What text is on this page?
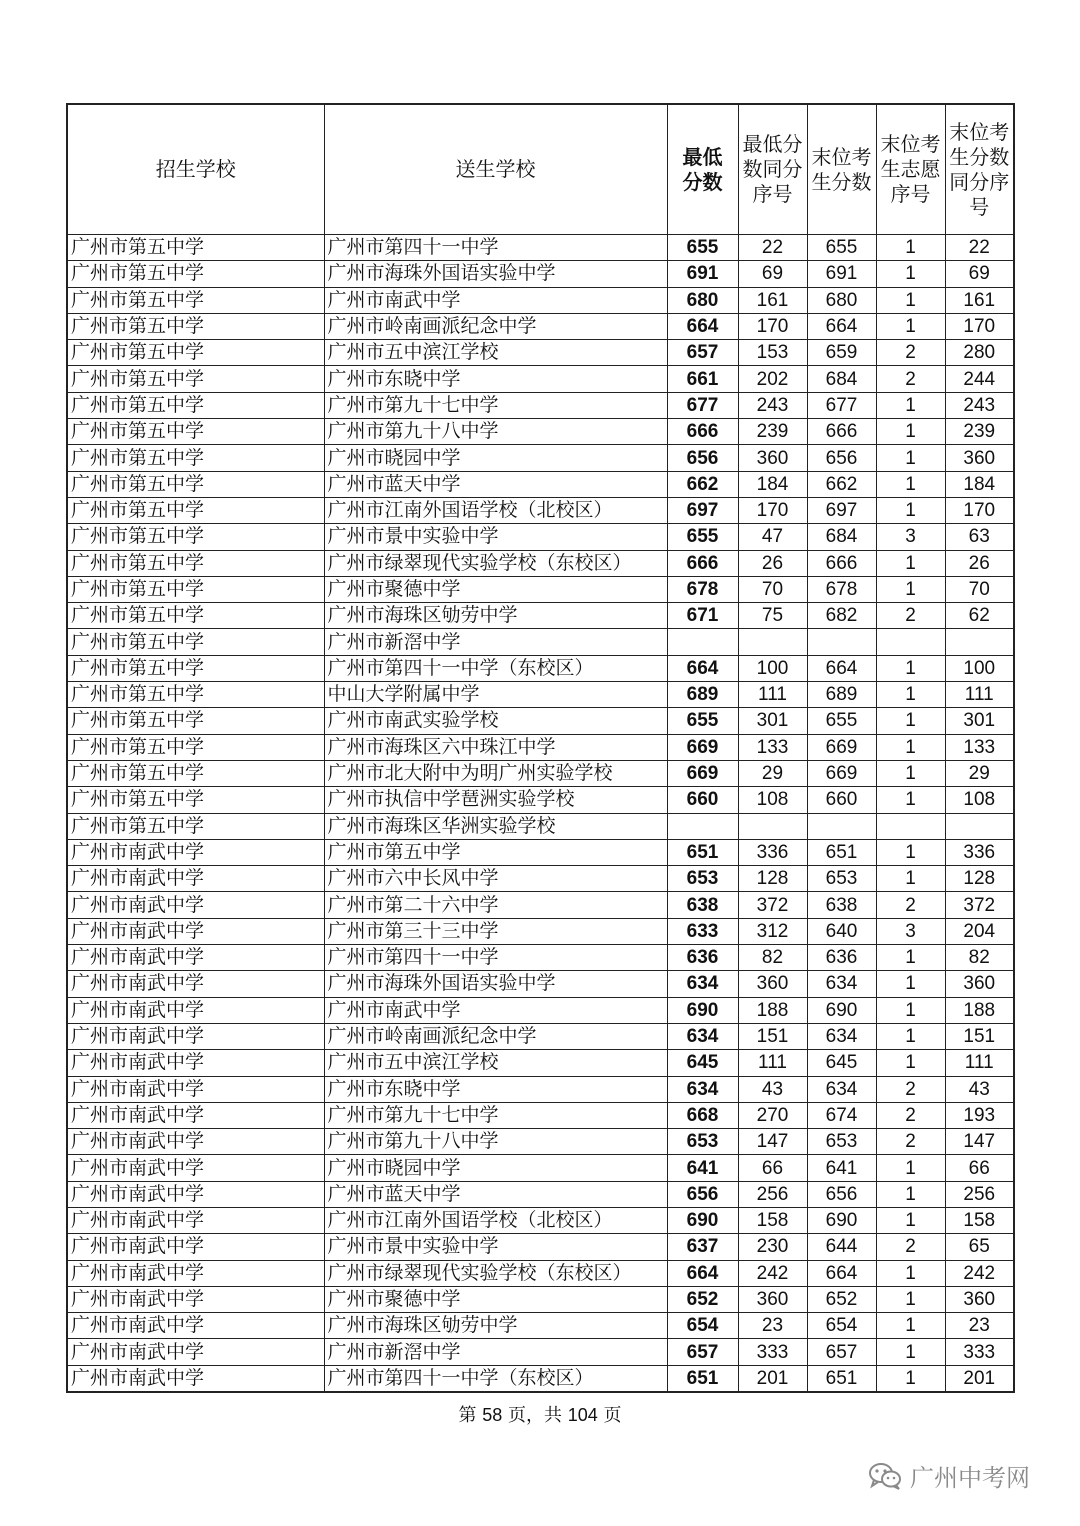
招生学校	送生学校	最低分数	最低分数同分序号	末位考生分数	末位考生志愿序号	末位考生分数同分序号

广州市第五中学	广州市第四十一中学	655	22	655	1	22
广州市第五中学	广州市海珠外国语实验中学	691	69	691	1	69
广州市第五中学	广州市南武中学	680	161	680	1	161
广州市第五中学	广州市岭南画派纪念中学	664	170	664	1	170
广州市第五中学	广州市五中滨江学校	657	153	659	2	280
广州市第五中学	广州市东晓中学	661	202	684	2	244
广州市第五中学	广州市第九十七中学	677	243	677	1	243
广州市第五中学	广州市第九十八中学	666	239	666	1	239
广州市第五中学	广州市晓园中学	656	360	656	1	360
广州市第五中学	广州市蓝天中学	662	184	662	1	184
广州市第五中学	广州市江南外国语学校（北校区）	697	170	697	1	170
广州市第五中学	广州市景中实验中学	655	47	684	3	63
广州市第五中学	广州市绿翠现代实验学校（东校区）	666	26	666	1	26
广州市第五中学	广州市聚德中学	678	70	678	1	70
广州市第五中学	广州市海珠区劬劳中学	671	75	682	2	62
广州市第五中学	广州市新滘中学					
广州市第五中学	广州市第四十一中学（东校区）	664	100	664	1	100
广州市第五中学	中山大学附属中学	689	111	689	1	111
广州市第五中学	广州市南武实验学校	655	301	655	1	301
广州市第五中学	广州市海珠区六中珠江中学	669	133	669	1	133
广州市第五中学	广州市北大附中为明广州实验学校	669	29	669	1	29
广州市第五中学	广州市执信中学琶洲实验学校	660	108	660	1	108
广州市第五中学	广州市海珠区华洲实验学校					
广州市南武中学	广州市第五中学	651	336	651	1	336
广州市南武中学	广州市六中长风中学	653	128	653	1	128
广州市南武中学	广州市第二十六中学	638	372	638	2	372
广州市南武中学	广州市第三十三中学	633	312	640	3	204
广州市南武中学	广州市第四十一中学	636	82	636	1	82
广州市南武中学	广州市海珠外国语实验中学	634	360	634	1	360
广州市南武中学	广州市南武中学	690	188	690	1	188
广州市南武中学	广州市岭南画派纪念中学	634	151	634	1	151
广州市南武中学	广州市五中滨江学校	645	111	645	1	111
广州市南武中学	广州市东晓中学	634	43	634	2	43
广州市南武中学	广州市第九十七中学	668	270	674	2	193
广州市南武中学	广州市第九十八中学	653	147	653	2	147
广州市南武中学	广州市晓园中学	641	66	641	1	66
广州市南武中学	广州市蓝天中学	656	256	656	1	256
广州市南武中学	广州市江南外国语学校（北校区）	690	158	690	1	158
广州市南武中学	广州市景中实验中学	637	230	644	2	65
广州市南武中学	广州市绿翠现代实验学校（东校区）	664	242	664	1	242
广州市南武中学	广州市聚德中学	652	360	652	1	360
广州市南武中学	广州市海珠区劬劳中学	654	23	654	1	23
广州市南武中学	广州市新滘中学	657	333	657	1	333
广州市南武中学	广州市第四十一中学（东校区）	651	201	651	1	201
第 58 页，共 104 页
广州中考网
